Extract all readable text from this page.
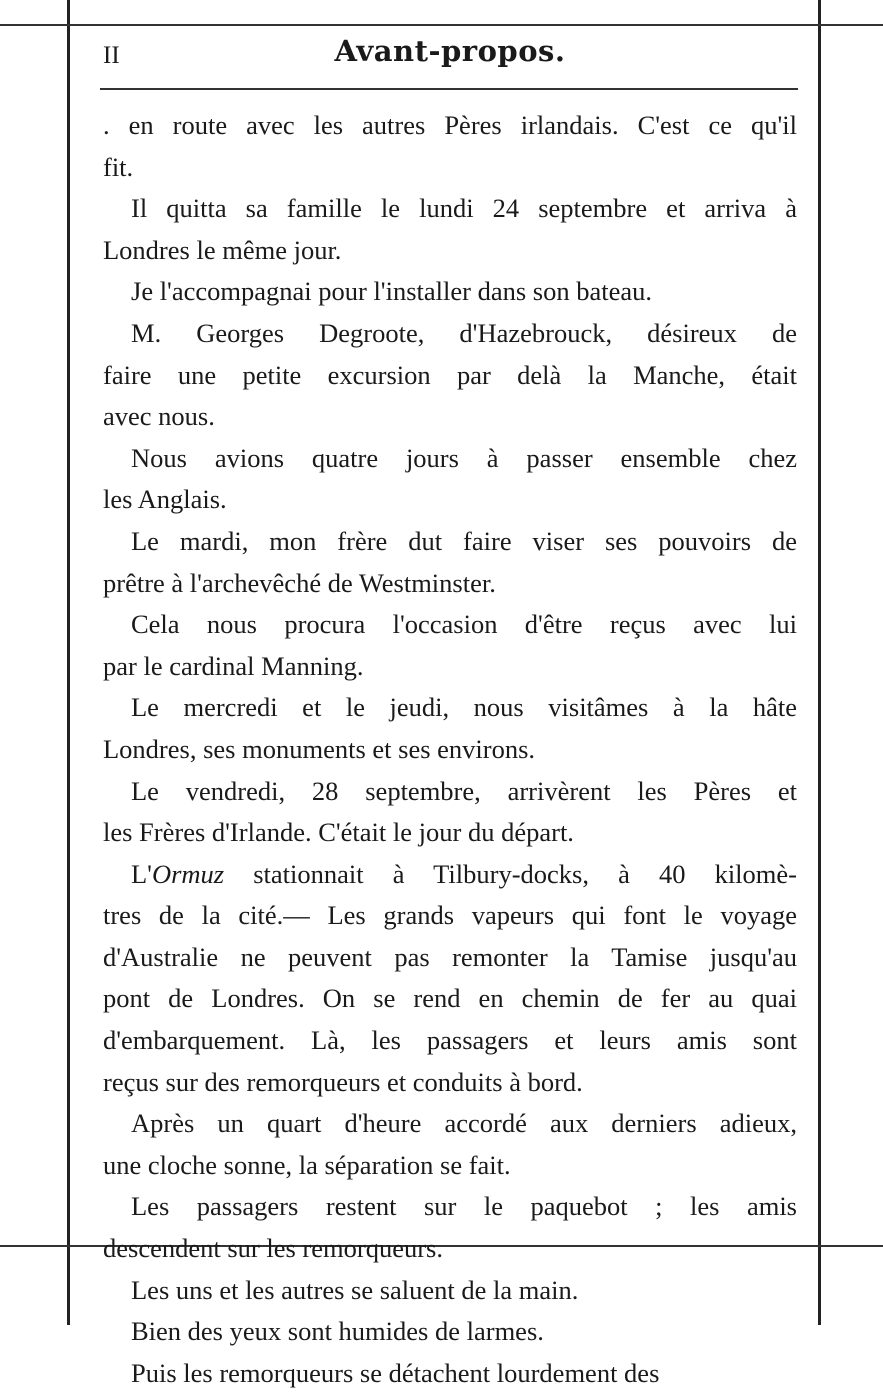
II	Avant-propos.
. en route avec les autres Pères irlandais. C'est ce qu'il
fit.
Il quitta sa famille le lundi 24 septembre et arriva à
Londres le même jour.
Je l'accompagnai pour l'installer dans son bateau.
M. Georges Degroote, d'Hazebrouck, désireux de
faire une petite excursion par delà la Manche, était
avec nous.
Nous avions quatre jours à passer ensemble chez
les Anglais.
Le mardi, mon frère dut faire viser ses pouvoirs de
prêtre à l'archevêché de Westminster.
Cela nous procura l'occasion d'être reçus avec lui
par le cardinal Manning.
Le mercredi et le jeudi, nous visitâmes à la hâte
Londres, ses monuments et ses environs.
Le vendredi, 28 septembre, arrivèrent les Pères et
les Frères d'Irlande. C'était le jour du départ.
L'Ormuz stationnait à Tilbury-docks, à 40 kilomè-
tres de la cité.— Les grands vapeurs qui font le voyage
d'Australie ne peuvent pas remonter la Tamise jusqu'au
pont de Londres. On se rend en chemin de fer au quai
d'embarquement. Là, les passagers et leurs amis sont
reçus sur des remorqueurs et conduits à bord.
Après un quart d'heure accordé aux derniers adieux,
une cloche sonne, la séparation se fait.
Les passagers restent sur le paquebot ; les amis
descendent sur les remorqueurs.
Les uns et les autres se saluent de la main.
Bien des yeux sont humides de larmes.
Puis les remorqueurs se détachent lourdement des
